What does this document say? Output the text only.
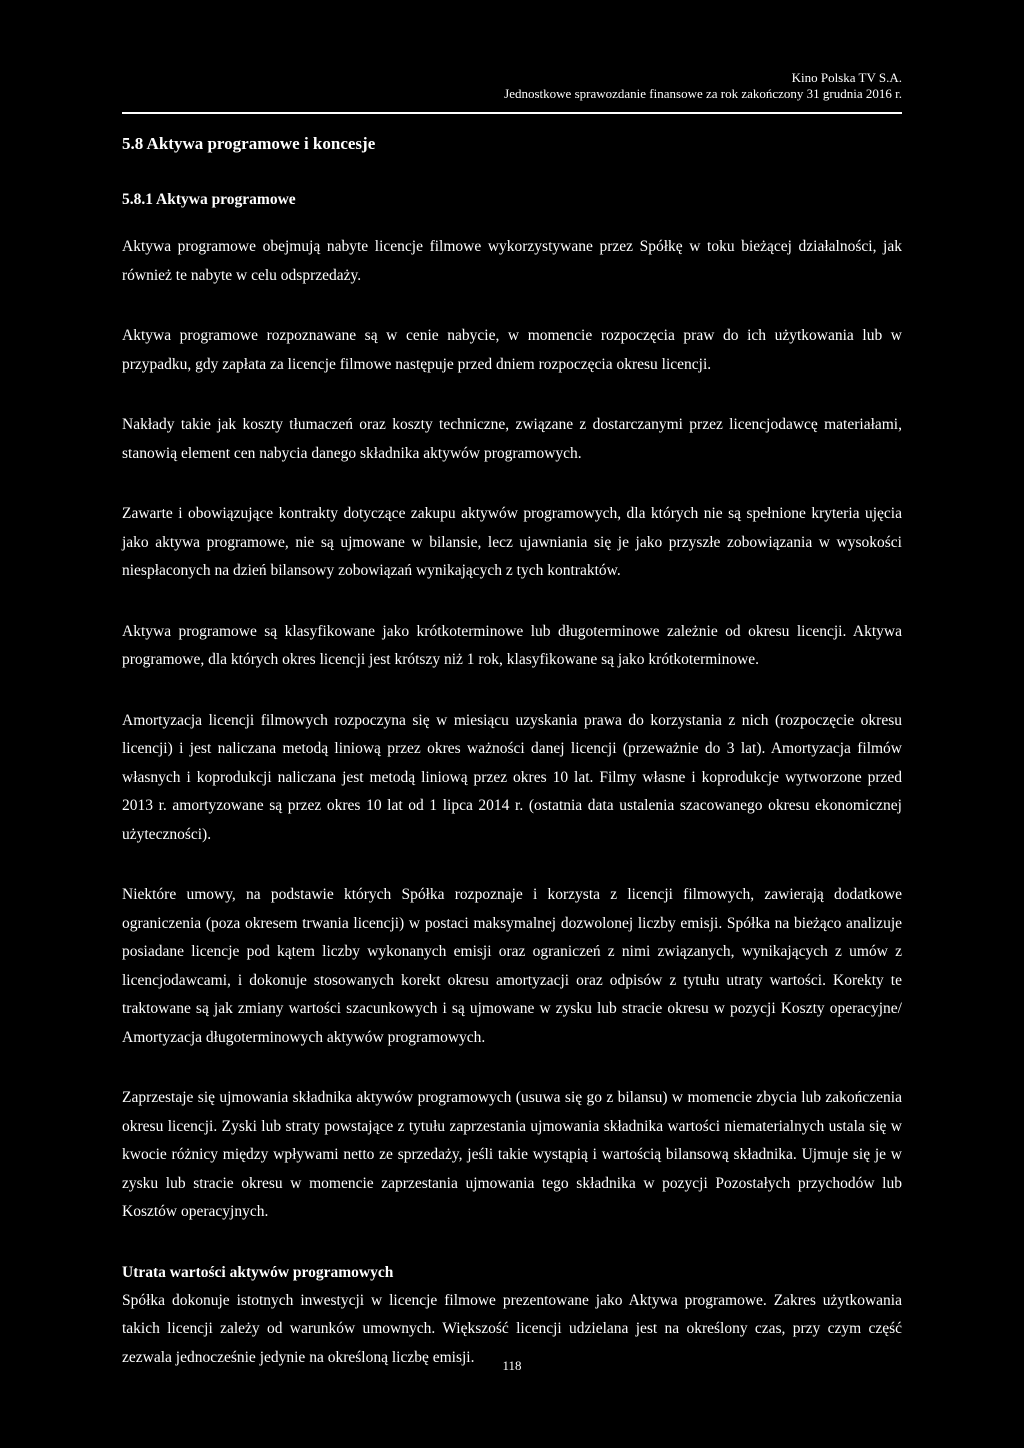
Kino Polska TV S.A.
Jednostkowe sprawozdanie finansowe za rok zakończony 31 grudnia 2016 r.
5.8 Aktywa programowe i koncesje
5.8.1 Aktywa programowe

Aktywa programowe obejmują nabyte licencje filmowe wykorzystywane przez Spółkę w toku bieżącej działalności, jak również te nabyte w celu odsprzedaży.

Aktywa programowe rozpoznawane są w cenie nabycie, w momencie rozpoczęcia praw do ich użytkowania lub w przypadku, gdy zapłata za licencje filmowe następuje przed dniem rozpoczęcia okresu licencji.

Nakłady takie jak koszty tłumaczeń oraz koszty techniczne, związane z dostarczanymi przez licencjodawcę materiałami, stanowią element cen nabycia danego składnika aktywów programowych.

Zawarte i obowiązujące kontrakty dotyczące zakupu aktywów programowych, dla których nie są spełnione kryteria ujęcia jako aktywa programowe, nie są ujmowane w bilansie, lecz ujawniania się je jako przyszłe zobowiązania w wysokości niespłaconych na dzień bilansowy zobowiązań wynikających z tych kontraktów.

Aktywa programowe są klasyfikowane jako krótkoterminowe lub długoterminowe zależnie od okresu licencji. Aktywa programowe, dla których okres licencji jest krótszy niż 1 rok, klasyfikowane są jako krótkoterminowe.

Amortyzacja licencji filmowych rozpoczyna się w miesiącu uzyskania prawa do korzystania z nich (rozpoczęcie okresu licencji) i jest naliczana metodą liniową przez okres ważności danej licencji (przeważnie do 3 lat). Amortyzacja filmów własnych i koprodukcji naliczana jest metodą liniową przez okres 10 lat. Filmy własne i koprodukcje wytworzone przed 2013 r. amortyzowane są przez okres 10 lat od 1 lipca 2014 r. (ostatnia data ustalenia szacowanego okresu ekonomicznej użyteczności).

Niektóre umowy, na podstawie których Spółka rozpoznaje i korzysta z licencji filmowych, zawierają dodatkowe ograniczenia (poza okresem trwania licencji) w postaci maksymalnej dozwolonej liczby emisji. Spółka na bieżąco analizuje posiadane licencje pod kątem liczby wykonanych emisji oraz ograniczeń z nimi związanych, wynikających z umów z licencjodawcami, i dokonuje stosowanych korekt okresu amortyzacji oraz odpisów z tytułu utraty wartości. Korekty te traktowane są jak zmiany wartości szacunkowych i są ujmowane w zysku lub stracie okresu w pozycji Koszty operacyjne/ Amortyzacja długoterminowych aktywów programowych.

Zaprzestaje się ujmowania składnika aktywów programowych (usuwa się go z bilansu) w momencie zbycia lub zakończenia okresu licencji. Zyski lub straty powstające z tytułu zaprzestania ujmowania składnika wartości niematerialnych ustala się w kwocie różnicy między wpływami netto ze sprzedaży, jeśli takie wystąpią i wartością bilansową składnika. Ujmuje się je w zysku lub stracie okresu w momencie zaprzestania ujmowania tego składnika w pozycji Pozostałych przychodów lub Kosztów operacyjnych.

Utrata wartości aktywów programowych

Spółka dokonuje istotnych inwestycji w licencje filmowe prezentowane jako Aktywa programowe. Zakres użytkowania takich licencji zależy od warunków umownych. Większość licencji udzielana jest na określony czas, przy czym część zezwala jednocześnie jedynie na określoną liczbę emisji.	118
